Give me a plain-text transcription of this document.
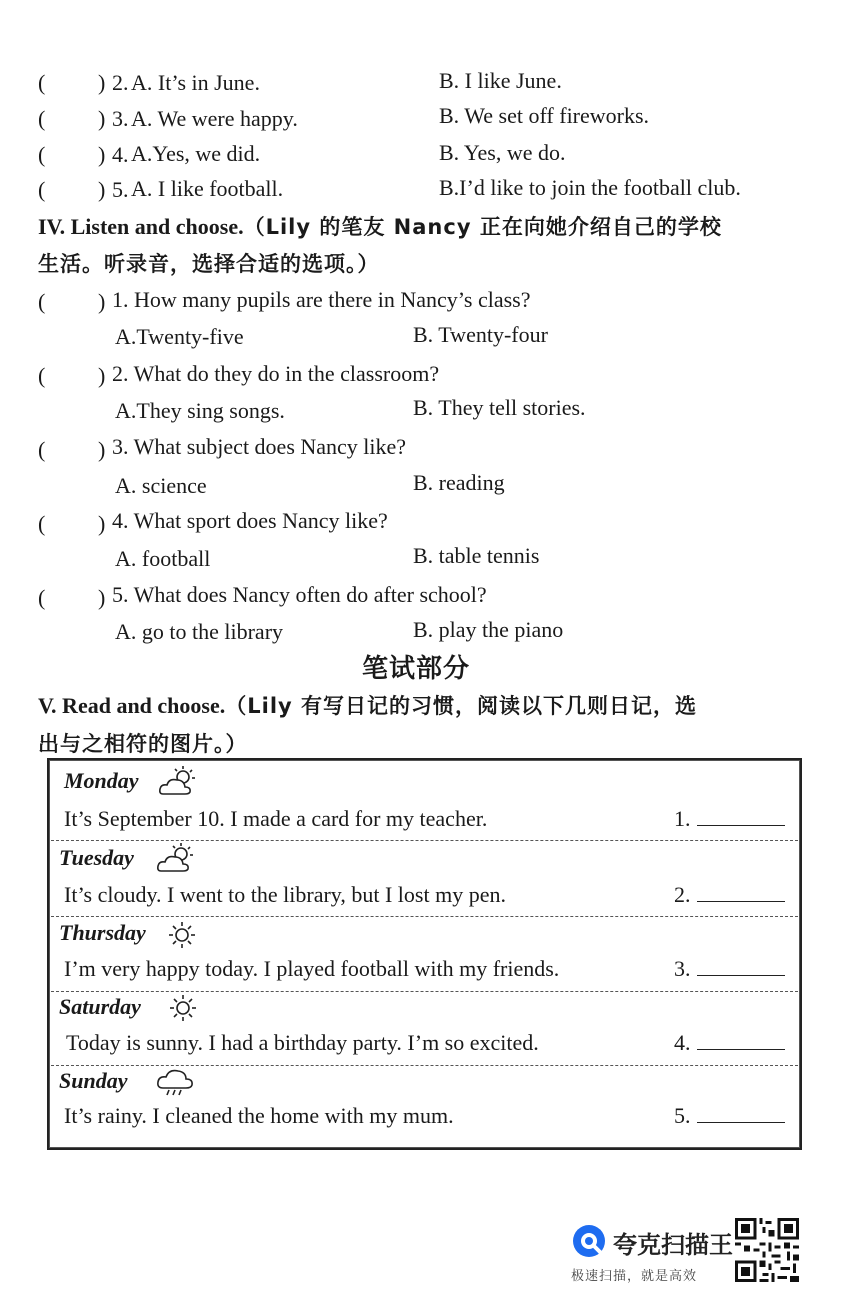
( ) 2. A. It’s in June.	B. I like June.
( ) 3. A. We were happy.	B. We set off fireworks.
( ) 4. A.Yes, we did.	B. Yes, we do.
( ) 5. A. I like football.	B.I’d like to join the football club.
IV. Listen and choose.（Lily 的笔友 Nancy 正在向她介绍自己的学校
生活。听录音，选择合适的选项。）
( ) 1. How many pupils are there in Nancy’s class?
A.Twenty-five	B. Twenty-four
( ) 2. What do they do in the classroom?
A.They sing songs.	B. They tell stories.
( ) 3. What subject does Nancy like?
A. science	B. reading
( ) 4. What sport does Nancy like?
A. football	B. table tennis
( ) 5. What does Nancy often do after school?
A. go to the library	B. play the piano
笔试部分
V. Read and choose.（Lily 有写日记的习惯，阅读以下几则日记，选
出与之相符的图片。）
Monday
It’s September 10. I made a card for my teacher.	1.
Tuesday
It’s cloudy. I went to the library, but I lost my pen.	2.
Thursday
I’m very happy today. I played football with my friends.	3.
Saturday
Today is sunny. I had a birthday party. I’m so excited.	4.
Sunday
It’s rainy. I cleaned the home with my mum.	5.
夸克扫描王
极速扫描，就是高效
